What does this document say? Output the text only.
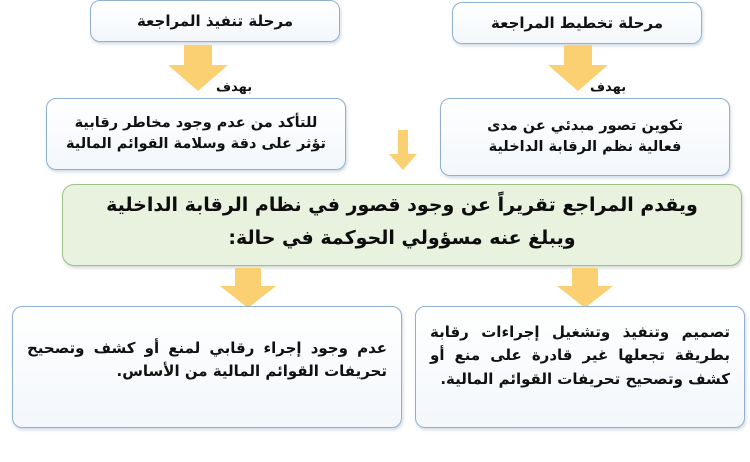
مرحلة تخطيط المراجعة
مرحلة تنفيذ المراجعة
بهدف
بهدف
تكوين تصور مبدئي عن مدى فعالية نظم الرقابة الداخلية
للتأكد من عدم وجود مخاطر رقابية تؤثر على دقة وسلامة القوائم المالية
ويقدم المراجع تقريراً عن وجود قصور في نظام الرقابة الداخلية
ويبلغ عنه مسؤولي الحوكمة في حالة:
تصميم وتنفيذ وتشغيل إجراءات رقابة بطريقة تجعلها غير قادرة على منع أو كشف وتصحيح تحريفات القوائم المالية.
عدم وجود إجراء رقابي لمنع أو كشف وتصحيح تحريفات القوائم المالية من الأساس.
